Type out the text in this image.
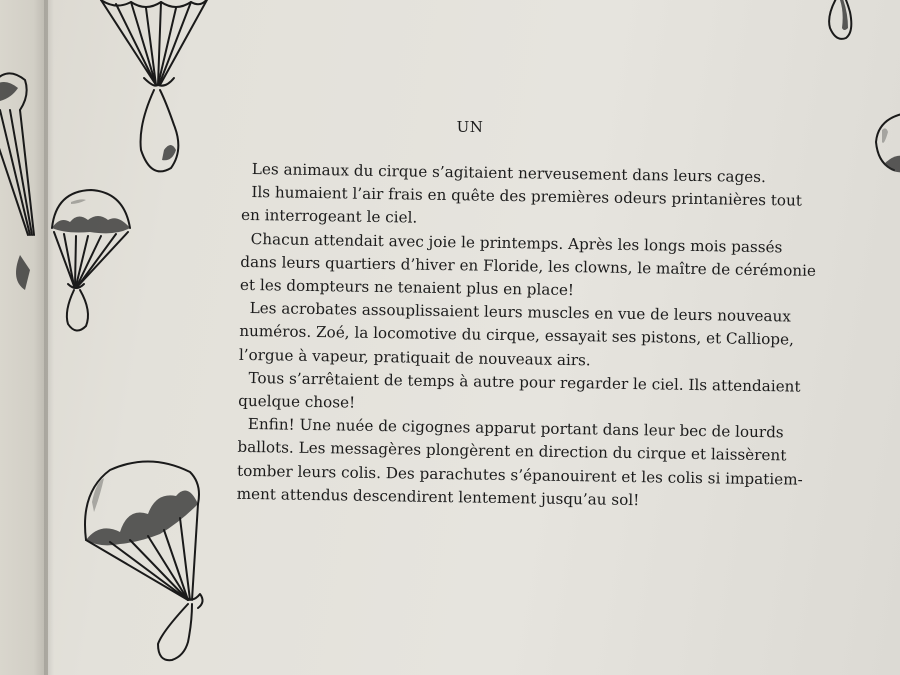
UN

Les animaux du cirque s’agitaient nerveusement dans leurs cages.

Ils humaient l’air frais en quête des premières odeurs printanières tout
en interrogeant le ciel.

Chacun attendait avec joie le printemps. Après les longs mois passés
dans leurs quartiers d’hiver en Floride, les clowns, le maître de cérémonie
et les dompteurs ne tenaient plus en place!

Les acrobates assouplissaient leurs muscles en vue de leurs nouveaux
numéros. Zoé, la locomotive du cirque, essayait ses pistons, et Calliope,
l’orgue à vapeur, pratiquait de nouveaux airs.

Tous s’arrêtaient de temps à autre pour regarder le ciel. Ils attendaient
quelque chose!

Enfin! Une nuée de cigognes apparut portant dans leur bec de lourds
ballots. Les messagères plongèrent en direction du cirque et laissèrent
tomber leurs colis. Des parachutes s’épanouirent et les colis si impatiem-
ment attendus descendirent lentement jusqu’au sol!
